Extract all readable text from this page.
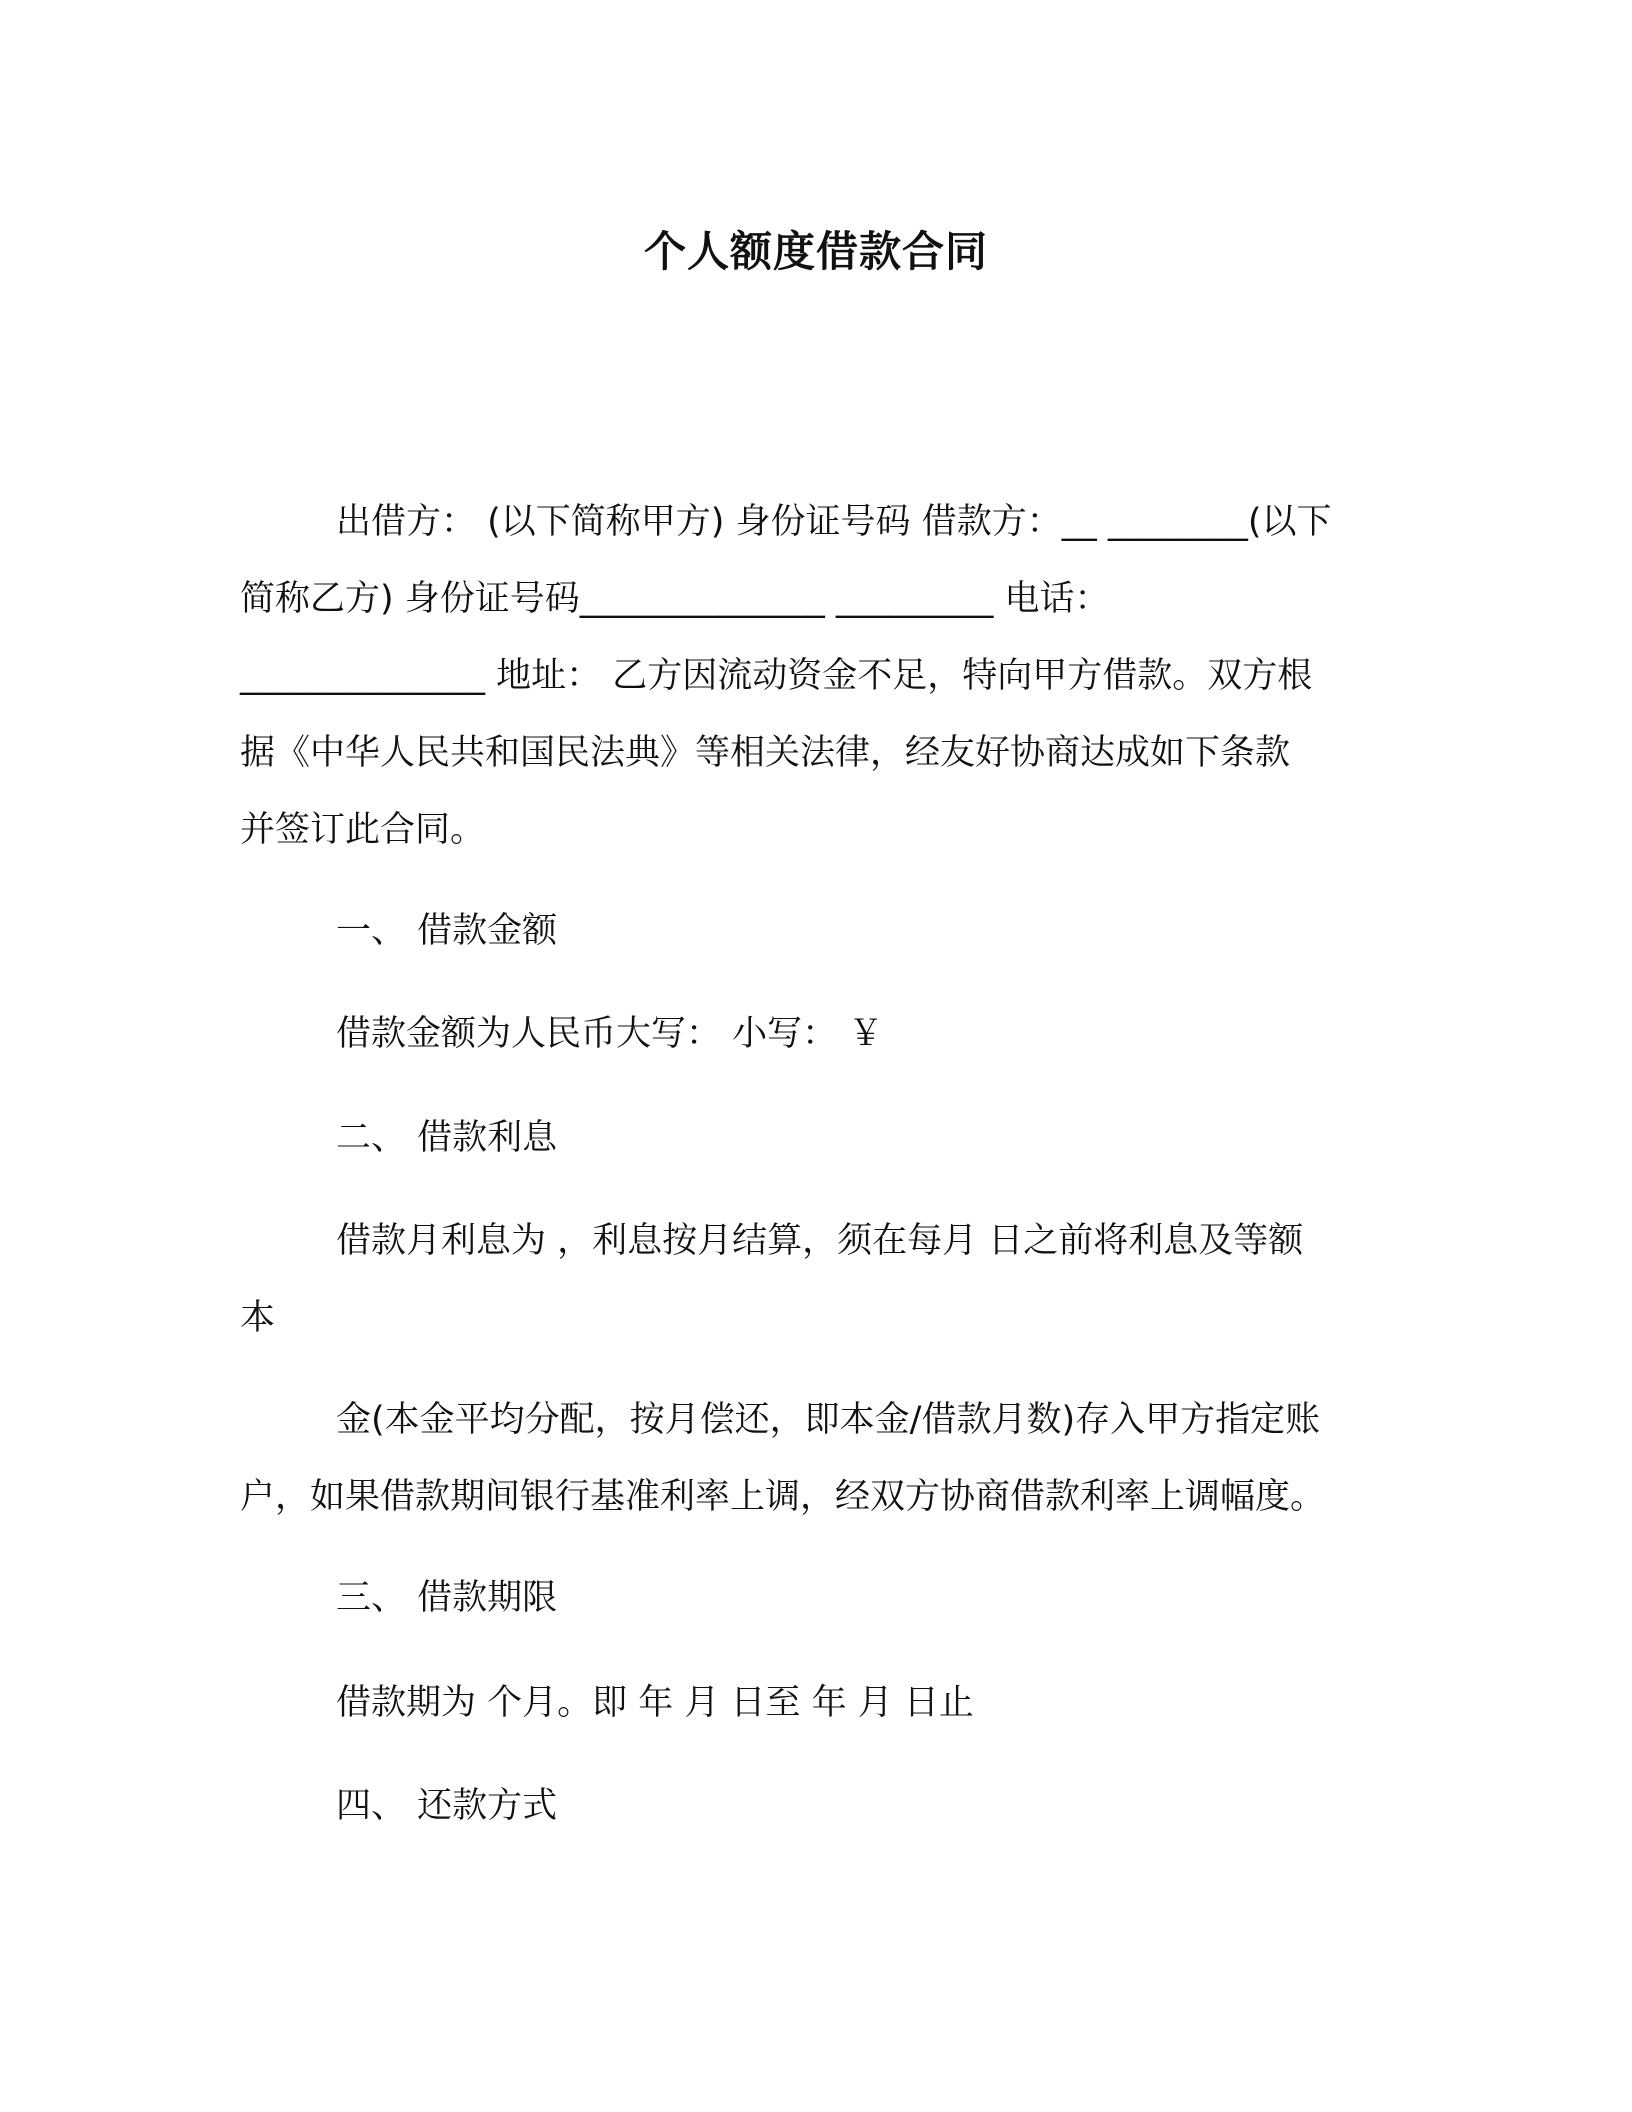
个人额度借款合同
出借方： (以下简称甲方) 身份证号码 借款方：__ ________(以下
简称乙方) 身份证号码______________ _________ 电话：
______________ 地址： 乙方因流动资金不足，特向甲方借款。双方根
据《中华人民共和国民法典》等相关法律，经友好协商达成如下条款
并签订此合同。
一、 借款金额
借款金额为人民币大写： 小写： ￥
二、 借款利息
借款月利息为 ，利息按月结算，须在每月 日之前将利息及等额
本
金(本金平均分配，按月偿还，即本金/借款月数)存入甲方指定账
户，如果借款期间银行基准利率上调，经双方协商借款利率上调幅度。
三、 借款期限
借款期为 个月。即 年 月 日至 年 月 日止
四、 还款方式
